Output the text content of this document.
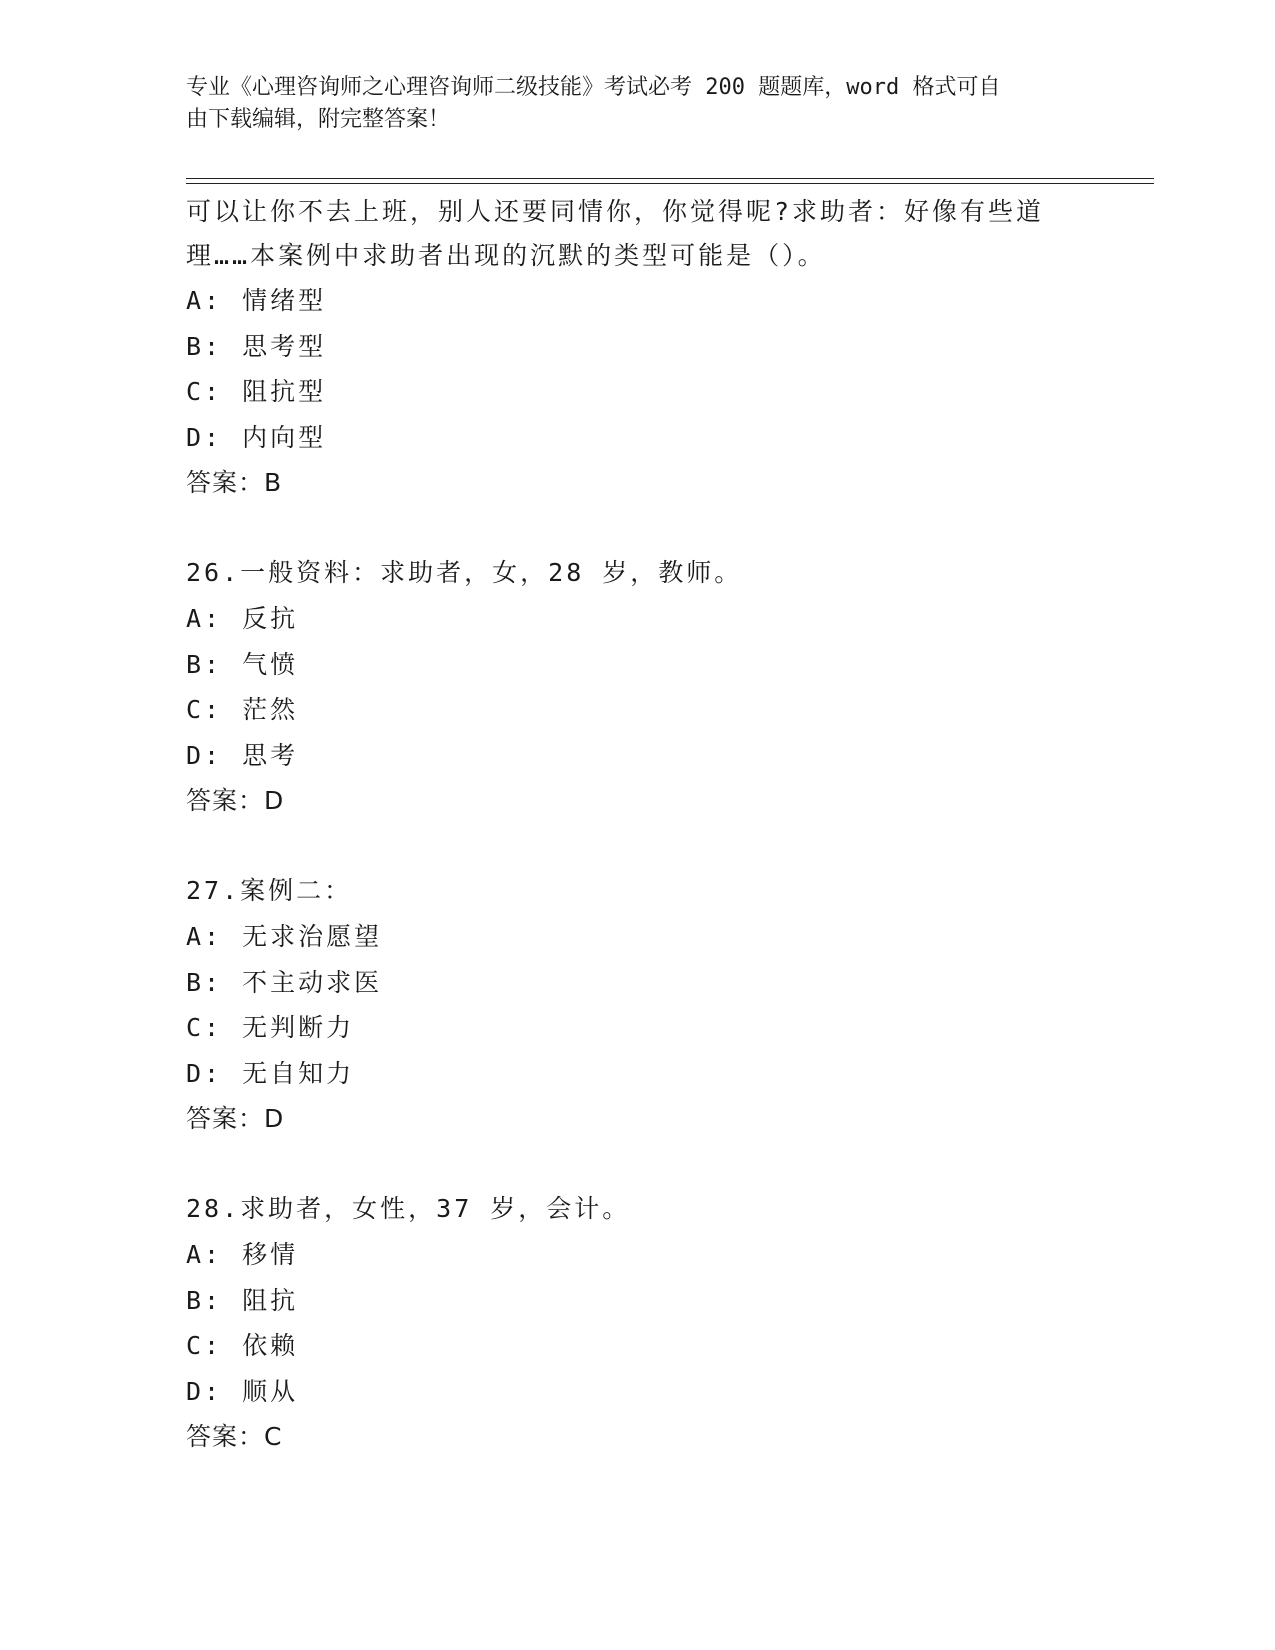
专业《心理咨询师之心理咨询师二级技能》考试必考 200 题题库，word 格式可自
由下载编辑，附完整答案！
可以让你不去上班，别人还要同情你，你觉得呢?求助者：好像有些道
理……本案例中求助者出现的沉默的类型可能是（）。
A: 情绪型
B: 思考型
C: 阻抗型
D: 内向型
答案：B
26.一般资料：求助者，女，28 岁，教师。
A: 反抗
B: 气愤
C: 茫然
D: 思考
答案：D
27.案例二：
A: 无求治愿望
B: 不主动求医
C: 无判断力
D: 无自知力
答案：D
28.求助者，女性，37 岁，会计。
A: 移情
B: 阻抗
C: 依赖
D: 顺从
答案：C
